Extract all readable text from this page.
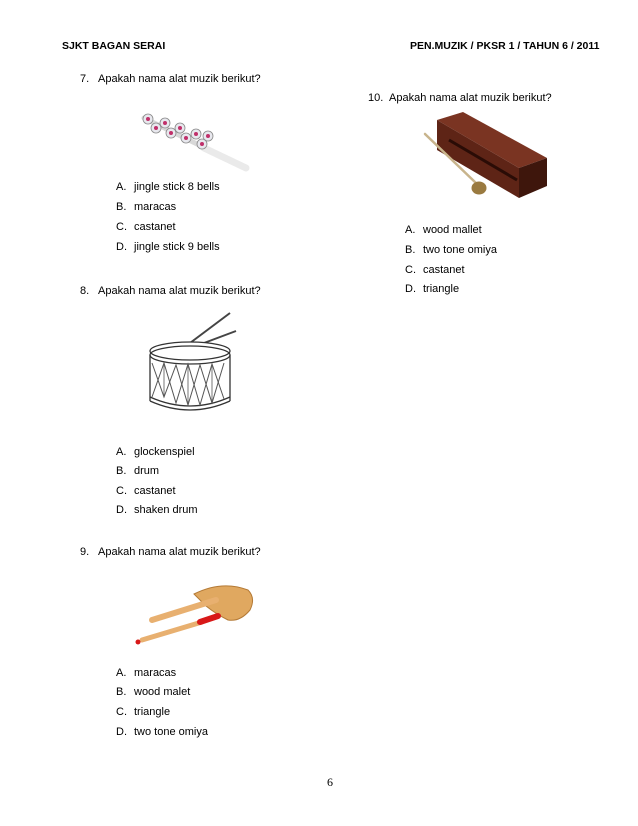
SJKT BAGAN SERAI	PEN.MUZIK / PKSR 1 / TAHUN 6 / 2011
7. Apakah nama alat muzik berikut?
A. jingle stick 8 bells
B. maracas
C. castanet
D. jingle stick 9 bells
8. Apakah nama alat muzik berikut?
A. glockenspiel
B. drum
C. castanet
D. shaken drum
9. Apakah nama alat muzik berikut?
A. maracas
B. wood malet
C. triangle
D. two tone omiya
10. Apakah nama alat muzik berikut?
A. wood mallet
B. two tone omiya
C. castanet
D. triangle
6
